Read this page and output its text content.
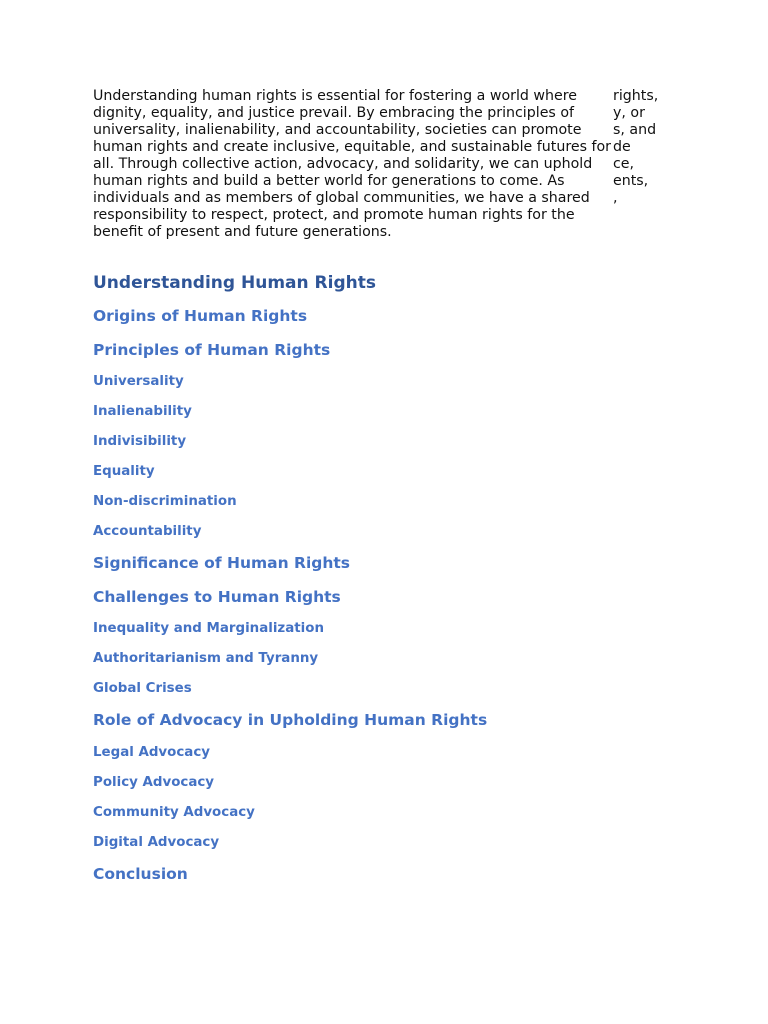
Understanding human rights is essential for fostering a world where dignity, equality, and justice prevail. By embracing the principles of universality, inalienability, and accountability, societies can promote human rights and create inclusive, equitable, and sustainable futures for all. Through collective action, advocacy, and solidarity, we can uphold human rights and build a better world for generations to come. As individuals and as members of global communities, we have a shared responsibility to respect, protect, and promote human rights for the benefit of present and future generations.
rights,
y, or
s, and
de
ce,
ents,
,
Understanding Human Rights
Origins of Human Rights
Principles of Human Rights
Universality
Inalienability
Indivisibility
Equality
Non-discrimination
Accountability
Significance of Human Rights
Challenges to Human Rights
Inequality and Marginalization
Authoritarianism and Tyranny
Global Crises
Role of Advocacy in Upholding Human Rights
Legal Advocacy
Policy Advocacy
Community Advocacy
Digital Advocacy
Conclusion
